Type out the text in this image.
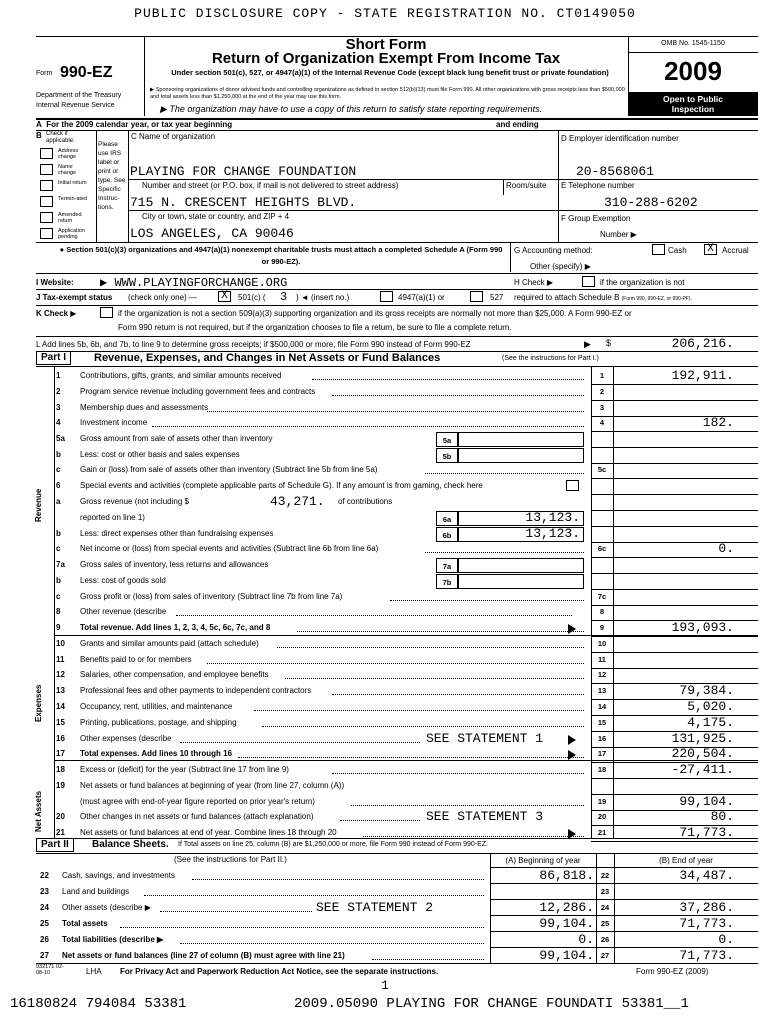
PUBLIC DISCLOSURE COPY - STATE REGISTRATION NO. CT0149050
Form 990-EZ
Department of the Treasury
Internal Revenue Service
Short Form
Return of Organization Exempt From Income Tax
Under section 501(c), 527, or 4947(a)(1) of the Internal Revenue Code (except black lung benefit trust or private foundation)
▶ Sponsoring organizations of donor advised funds and controlling organizations as defined in section 512(b)(13) must file Form 990. All other organizations with gross receipts less than $500,000 and total assets less than $1,250,000 at the end of the year may use this form.
▶ The organization may have to use a copy of this return to satisfy state reporting requirements.
OMB No. 1545-1150
2009
Open to Public
Inspection
A For the 2009 calendar year, or tax year beginning	and ending
B Check if applicable:
Address change
Name change
Initial return
Termin-ated
Amended return
Application pending
Please use IRS label or print or type. See Specific Instruc-tions.
C Name of organization
PLAYING FOR CHANGE FOUNDATION
Number and street (or P.O. box, if mail is not delivered to street address)	Room/suite
715 N. CRESCENT HEIGHTS BLVD.
City or town, state or country, and ZIP + 4
LOS ANGELES, CA 90046
D Employer identification number
20-8568061
E Telephone number
310-288-6202
F Group Exemption
Number ▶
● Section 501(c)(3) organizations and 4947(a)(1) nonexempt charitable trusts must attach a completed Schedule A (Form 990 or 990-EZ).
G Accounting method:	Cash X	Accrual
Other (specify) ▶
I Website: ▶ WWW.PLAYINGFORCHANGE.ORG	H Check ▶	if the organization is not
J Tax-exempt status (check only one) — X	501(c) ( 3 ) ◄ (insert no.)	4947(a)(1) or	527 required to attach Schedule B (Form 990, 990-EZ, or 990-PF).
K Check ▶	if the organization is not a section 509(a)(3) supporting organization and its gross receipts are normally not more than $25,000. A Form 990-EZ or
Form 990 return is not required, but if the organization chooses to file a return, be sure to file a complete return.
L Add lines 5b, 6b, and 7b, to line 9 to determine gross receipts; if $500,000 or more, file Form 990 instead of Form 990-EZ	▶ $	206,216.
Part I	Revenue, Expenses, and Changes in Net Assets or Fund Balances	(See the instructions for Part I.)
Revenue
Expenses
Net Assets
1 Contributions, gifts, grants, and similar amounts received	1	192,911.
2 Program service revenue including government fees and contracts	2
3 Membership dues and assessments	3
4 Investment income	4	182.
5a Gross amount from sale of assets other than inventory	5a
b Less: cost or other basis and sales expenses	5b
c Gain or (loss) from sale of assets other than inventory (Subtract line 5b from line 5a)	5c
6 Special events and activities (complete applicable parts of Schedule G). If any amount is from gaming, check here
a Gross revenue (not including $	43,271. of contributions
reported on line 1)	6a	13,123.
b Less: direct expenses other than fundraising expenses	6b	13,123.
c Net income or (loss) from special events and activities (Subtract line 6b from line 6a)	6c	0.
7a Gross sales of inventory, less returns and allowances	7a
b Less: cost of goods sold	7b
c Gross profit or (loss) from sales of inventory (Subtract line 7b from line 7a)	7c
8 Other revenue (describe	8
9 Total revenue. Add lines 1, 2, 3, 4, 5c, 6c, 7c, and 8	9	193,093.
10 Grants and similar amounts paid (attach schedule)	10
11 Benefits paid to or for members	11
12 Salaries, other compensation, and employee benefits	12
13 Professional fees and other payments to independent contractors	13	79,384.
14 Occupancy, rent, utilities, and maintenance	14	5,020.
15 Printing, publications, postage, and shipping	15	4,175.
16 Other expenses (describe	SEE STATEMENT 1	16	131,925.
17 Total expenses. Add lines 10 through 16	17	220,504.
18 Excess or (deficit) for the year (Subtract line 17 from line 9)	18	-27,411.
19 Net assets or fund balances at beginning of year (from line 27, column (A))
(must agree with end-of-year figure reported on prior year's return)	19	99,104.
20 Other changes in net assets or fund balances (attach explanation)	SEE STATEMENT 3	20	80.
21 Net assets or fund balances at end of year. Combine lines 18 through 20	21	71,773.
Part II	Balance Sheets. If Total assets on line 25, column (B) are $1,250,000 or more, file Form 990 instead of Form 990-EZ.
(See the instructions for Part II.)	(A) Beginning of year	(B) End of year
22 Cash, savings, and investments	86,818. 22	34,487.
23 Land and buildings	23
24 Other assets (describe ▶	SEE STATEMENT 2	12,286. 24	37,286.
25 Total assets	99,104. 25	71,773.
26 Total liabilities (describe ▶	0. 26	0.
27 Net assets or fund balances (line 27 of column (B) must agree with line 21)	99,104. 27	71,773.
932171 02-08-10	LHA For Privacy Act and Paperwork Reduction Act Notice, see the separate instructions.	Form 990-EZ (2009)
1
16180824 794084 53381	2009.05090 PLAYING FOR CHANGE FOUNDATI 53381__1
